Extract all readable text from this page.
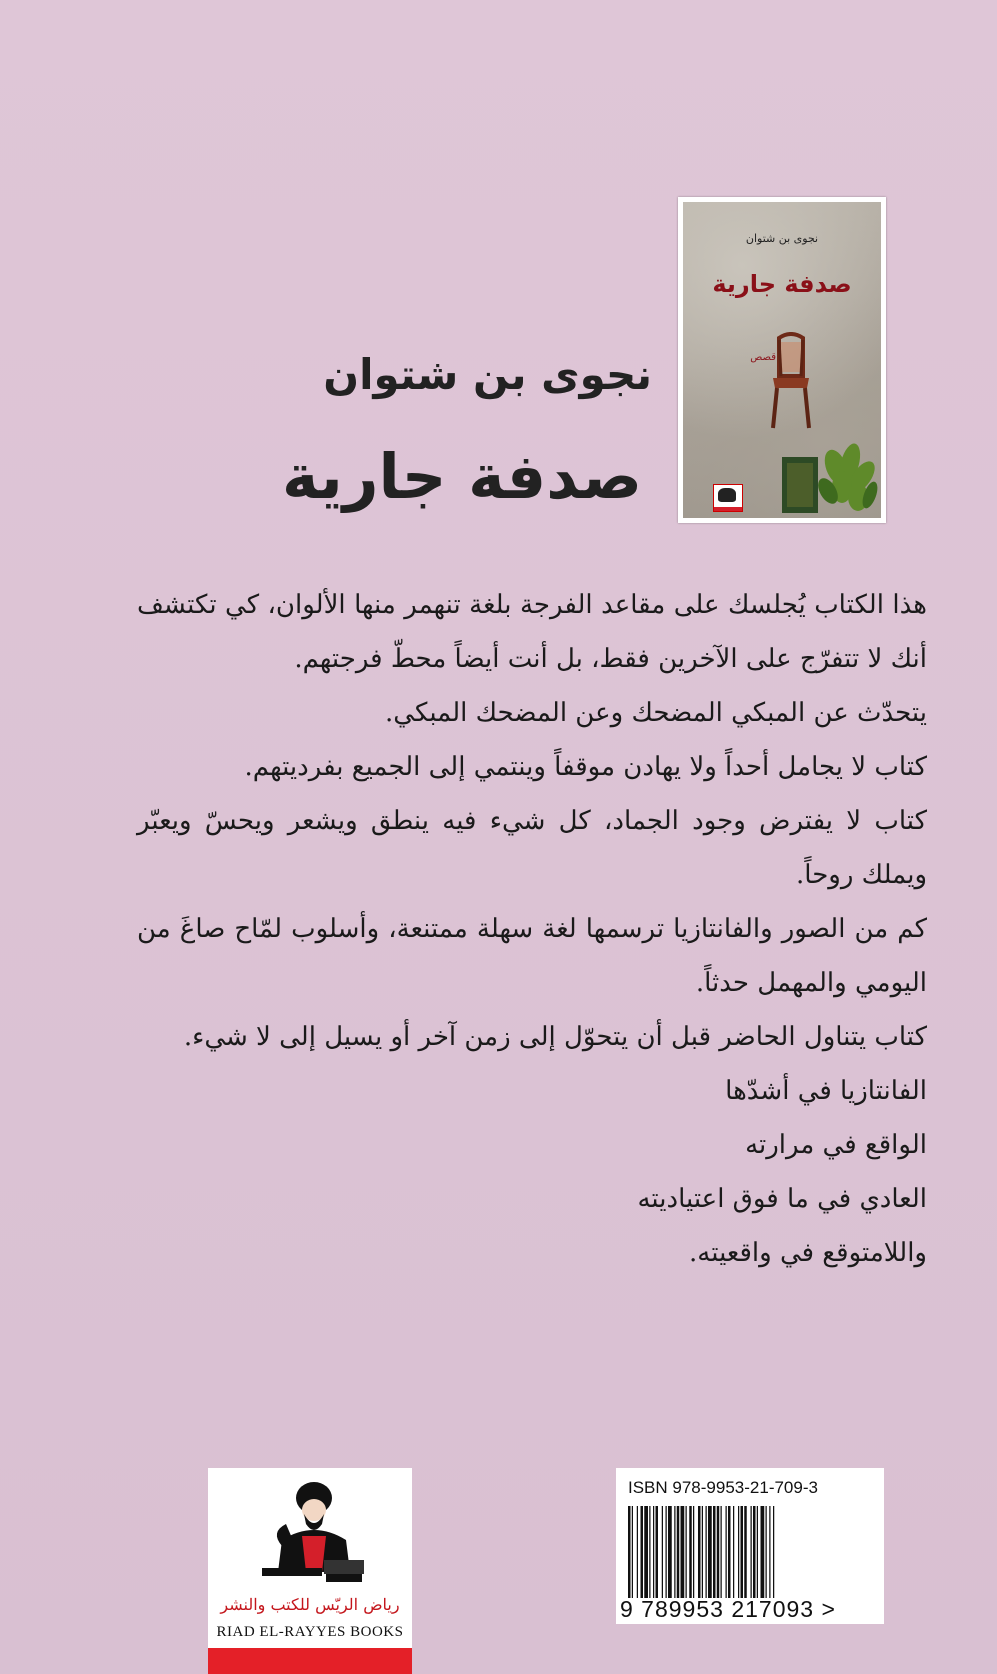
نجوى بن شتوان
صدفة جارية
قصص
نجوى بن شتوان
صدفة جارية

هذا الكتاب يُجلسك على مقاعد الفرجة بلغة تنهمر منها الألوان، كي تكتشف أنك لا تتفرّج على الآخرين فقط، بل أنت أيضاً محطّ فرجتهم.

يتحدّث عن المبكي المضحك وعن المضحك المبكي.

كتاب لا يجامل أحداً ولا يهادن موقفاً وينتمي إلى الجميع بفرديتهم.

كتاب لا يفترض وجود الجماد، كل شيء فيه ينطق ويشعر ويحسّ ويعبّر ويملك روحاً.

كم من الصور والفانتازيا ترسمها لغة سهلة ممتنعة، وأسلوب لمّاح صاغَ من اليومي والمهمل حدثاً.

كتاب يتناول الحاضر قبل أن يتحوّل إلى زمن آخر أو يسيل إلى لا شيء.

الفانتازيا في أشدّها

الواقع في مرارته

العادي في ما فوق اعتياديته

واللامتوقع في واقعيته.

رياض الريّس للكتب والنشر
RIAD EL-RAYYES BOOKS
ISBN 978-9953-21-709-3
9 789953 217093 >
